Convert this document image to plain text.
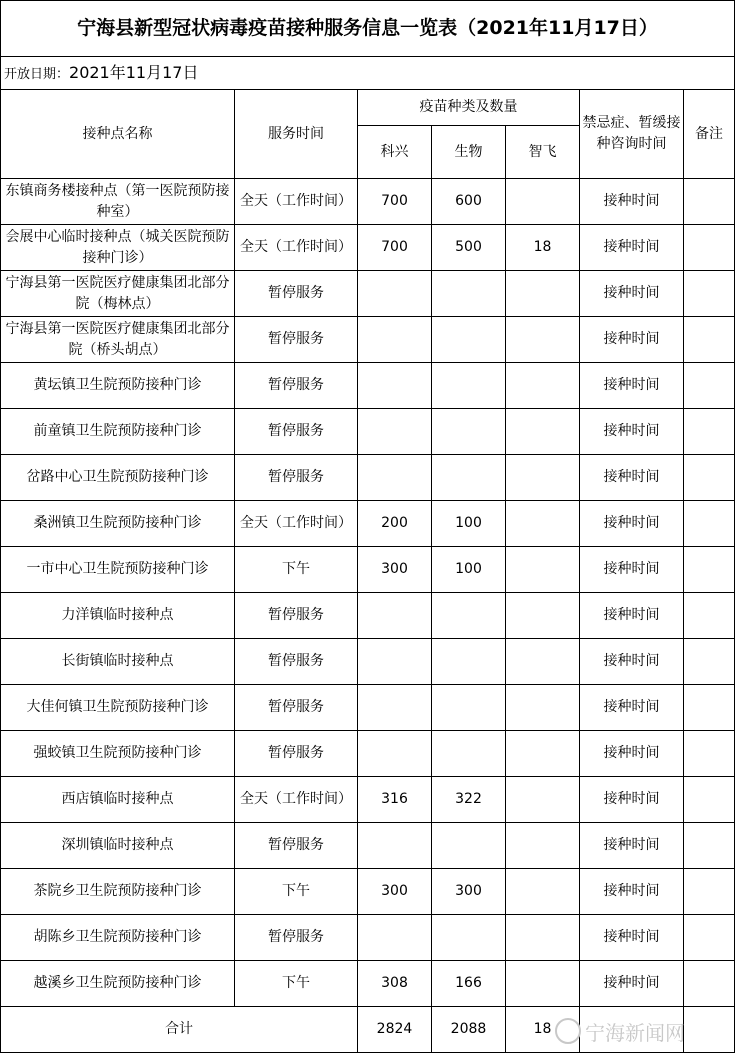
宁海县新型冠状病毒疫苗接种服务信息一览表（2021年11月17日）						
开放日期：2021年11月17日						
接种点名称	服务时间	疫苗种类及数量			禁忌症、暂缓接种咨询时间	备注
		科兴	生物	智飞		
东镇商务楼接种点（第一医院预防接种室）	全天（工作时间）	700	600		接种时间	
会展中心临时接种点（城关医院预防接种门诊）	全天（工作时间）	700	500	18	接种时间	
宁海县第一医院医疗健康集团北部分院（梅林点）	暂停服务				接种时间	
宁海县第一医院医疗健康集团北部分院（桥头胡点）	暂停服务				接种时间	
黄坛镇卫生院预防接种门诊	暂停服务				接种时间	
前童镇卫生院预防接种门诊	暂停服务				接种时间	
岔路中心卫生院预防接种门诊	暂停服务				接种时间	
桑洲镇卫生院预防接种门诊	全天（工作时间）	200	100		接种时间	
一市中心卫生院预防接种门诊	下午	300	100		接种时间	
力洋镇临时接种点	暂停服务				接种时间	
长街镇临时接种点	暂停服务				接种时间	
大佳何镇卫生院预防接种门诊	暂停服务				接种时间	
强蛟镇卫生院预防接种门诊	暂停服务				接种时间	
西店镇临时接种点	全天（工作时间）	316	322		接种时间	
深圳镇临时接种点	暂停服务				接种时间	
茶院乡卫生院预防接种门诊	下午	300	300		接种时间	
胡陈乡卫生院预防接种门诊	暂停服务				接种时间	
越溪乡卫生院预防接种门诊	下午	308	166		接种时间	
合计		2824	2088	18		宁海新闻网
